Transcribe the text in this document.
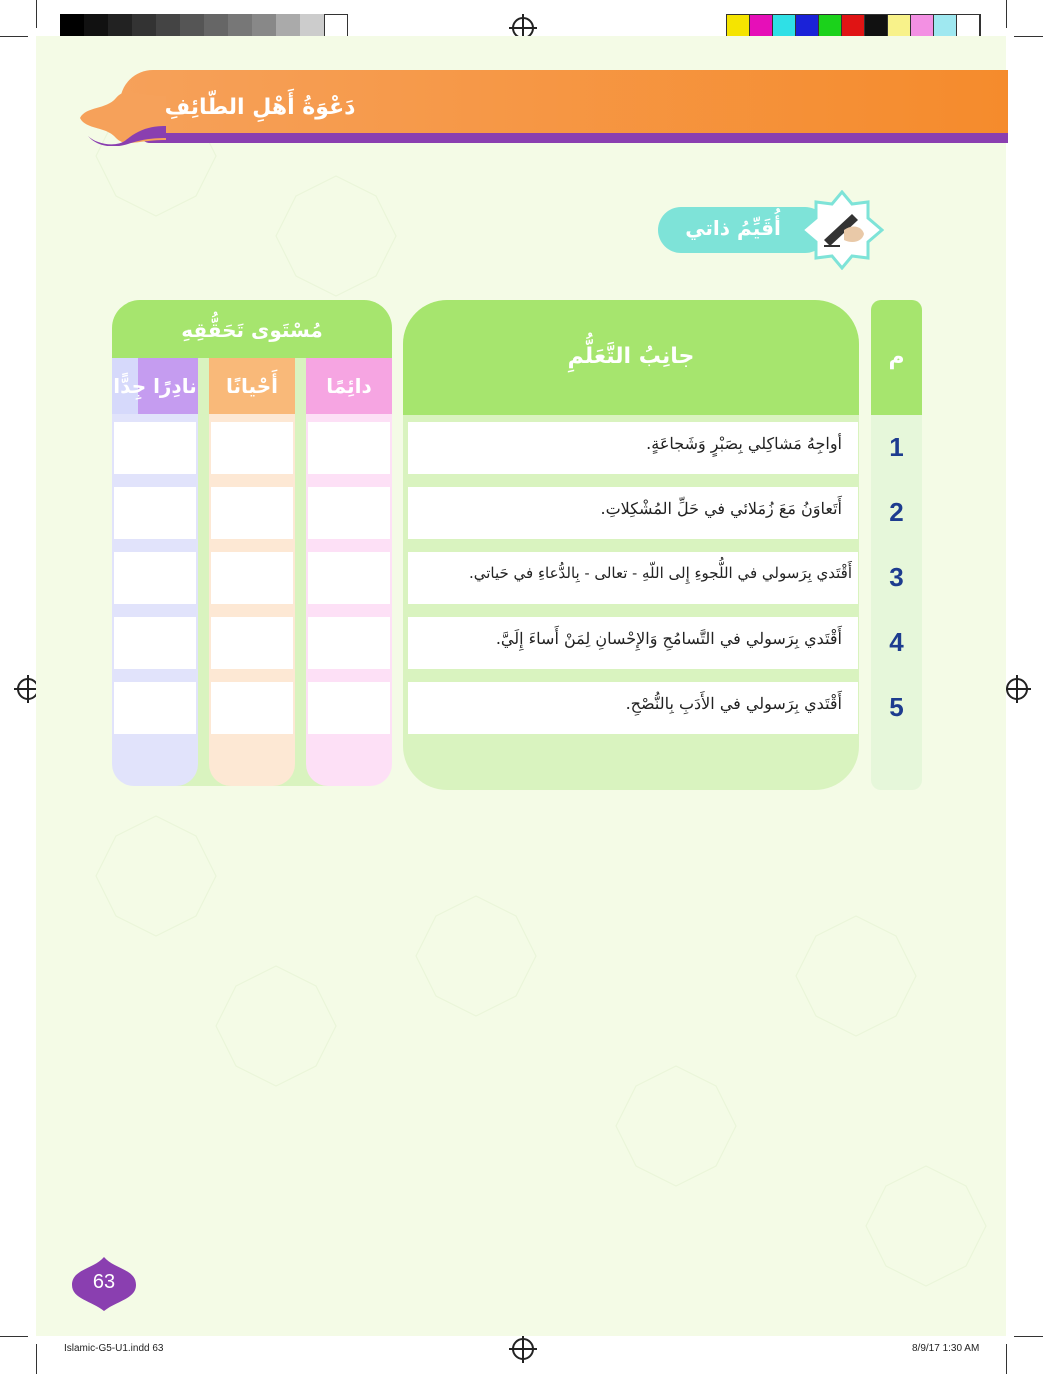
دَعْوَةُ أَهْلِ الطّائِفِ
أُقَيِّمُ ذاتي
م
جانِبُ التَّعَلُّمِ
مُسْتَوى تَحَقُّقِهِ
دائِمًا
أَحْيانًا
نادِرًا جِدًّا
1
أواجِهُ مَشاكِلي بِصَبْرٍ وَشَجاعَةٍ.
2
أَتَعاوَنُ مَعَ زُمَلائي في حَلِّ المُشْكِلاتِ.
3
أَقْتَدي بِرَسولي في اللُّجوءِ إِلى اللّهِ - تعالى - بِالدُّعاءِ في حَياتي.
4
أَقْتَدي بِرَسولي في التَّسامُحِ وَالإِحْسانِ لِمَنْ أَساءَ إِلَيَّ.
5
أَقْتَدي بِرَسولي في الأَدَبِ بِالنُّصْحِ.
63
Islamic-G5-U1.indd 63	8/9/17 1:30 AM
